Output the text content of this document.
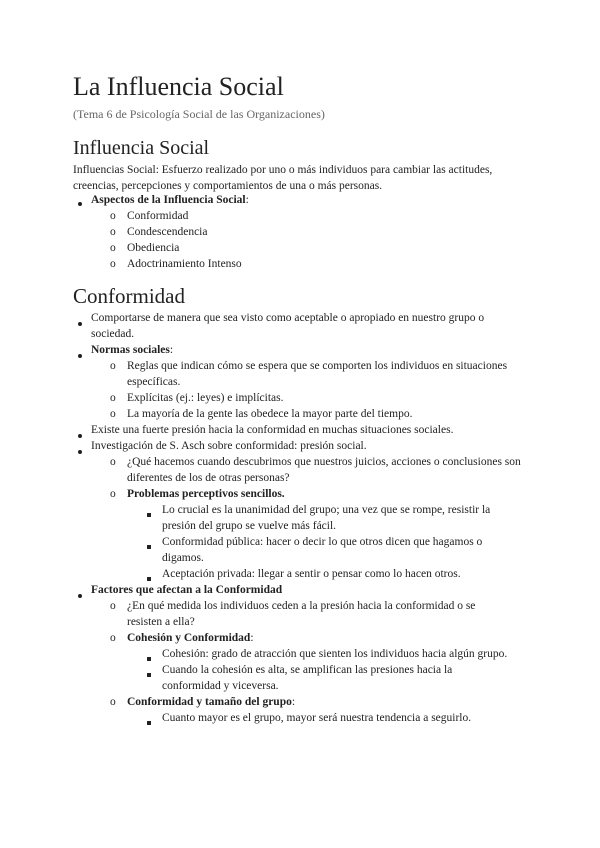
La Influencia Social
(Tema 6 de Psicología Social de las Organizaciones)
Influencia Social
Influencias Social: Esfuerzo realizado por uno o más individuos para cambiar las actitudes, creencias, percepciones y comportamientos de una o más personas.
Aspectos de la Influencia Social:
o Conformidad
o Condescendencia
o Obediencia
o Adoctrinamiento Intenso
Conformidad
Comportarse de manera que sea visto como aceptable o apropiado en nuestro grupo o sociedad.
Normas sociales:
o Reglas que indican cómo se espera que se comporten los individuos en situaciones específicas.
o Explícitas (ej.: leyes) e implícitas.
o La mayoría de la gente las obedece la mayor parte del tiempo.
Existe una fuerte presión hacia la conformidad en muchas situaciones sociales.
Investigación de S. Asch sobre conformidad: presión social.
o ¿Qué hacemos cuando descubrimos que nuestros juicios, acciones o conclusiones son diferentes de los de otras personas?
o Problemas perceptivos sencillos.
Lo crucial es la unanimidad del grupo; una vez que se rompe, resistir la presión del grupo se vuelve más fácil.
Conformidad pública: hacer o decir lo que otros dicen que hagamos o digamos.
Aceptación privada: llegar a sentir o pensar como lo hacen otros.
Factores que afectan a la Conformidad
o ¿En qué medida los individuos ceden a la presión hacia la conformidad o se resisten a ella?
o Cohesión y Conformidad:
Cohesión: grado de atracción que sienten los individuos hacia algún grupo.
Cuando la cohesión es alta, se amplifican las presiones hacia la conformidad y viceversa.
o Conformidad y tamaño del grupo:
Cuanto mayor es el grupo, mayor será nuestra tendencia a seguirlo.
